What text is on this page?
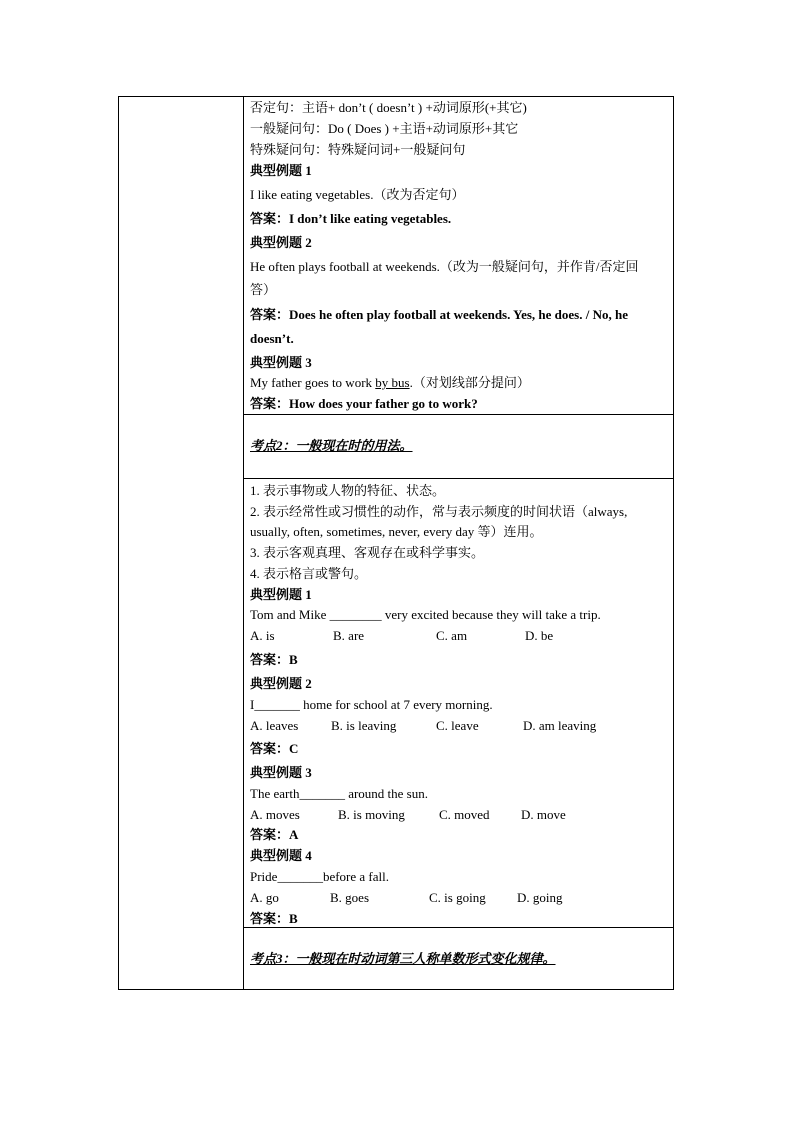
否定句：主语+ don’t ( doesn’t ) +动词原形(+其它)
一般疑问句：Do ( Does ) +主语+动词原形+其它
特殊疑问句：特殊疑问词+一般疑问句
典型例题 1
I like eating vegetables.（改为否定句）
答案：I don’t like eating vegetables.
典型例题 2
He often plays football at weekends.（改为一般疑问句，并作肯/否定回
答）
答案：Does he often play football at weekends. Yes, he does. / No, he
doesn’t.
典型例题 3
My father goes to work by bus.（对划线部分提问）
答案：How does your father go to work?
考点2：一般现在时的用法。
1. 表示事物或人物的特征、状态。
2. 表示经常性或习惯性的动作，常与表示频度的时间状语（always,
usually, often, sometimes, never, every day 等）连用。
3. 表示客观真理、客观存在或科学事实。
4. 表示格言或警句。
典型例题 1
Tom and Mike ________ very excited because they will take a trip.
A. is	B. are	C. am	D. be
答案：B
典型例题 2
I_______ home for school at 7 every morning.
A. leaves	B. is leaving	C. leave	D. am leaving
答案：C
典型例题 3
The earth_______ around the sun.
A. moves	B. is moving	C. moved D. move
答案：A
典型例题 4
Pride_______before a fall.
A. go	B. goes	C. is going D. going
答案：B
考点3：一般现在时动词第三人称单数形式变化规律。
